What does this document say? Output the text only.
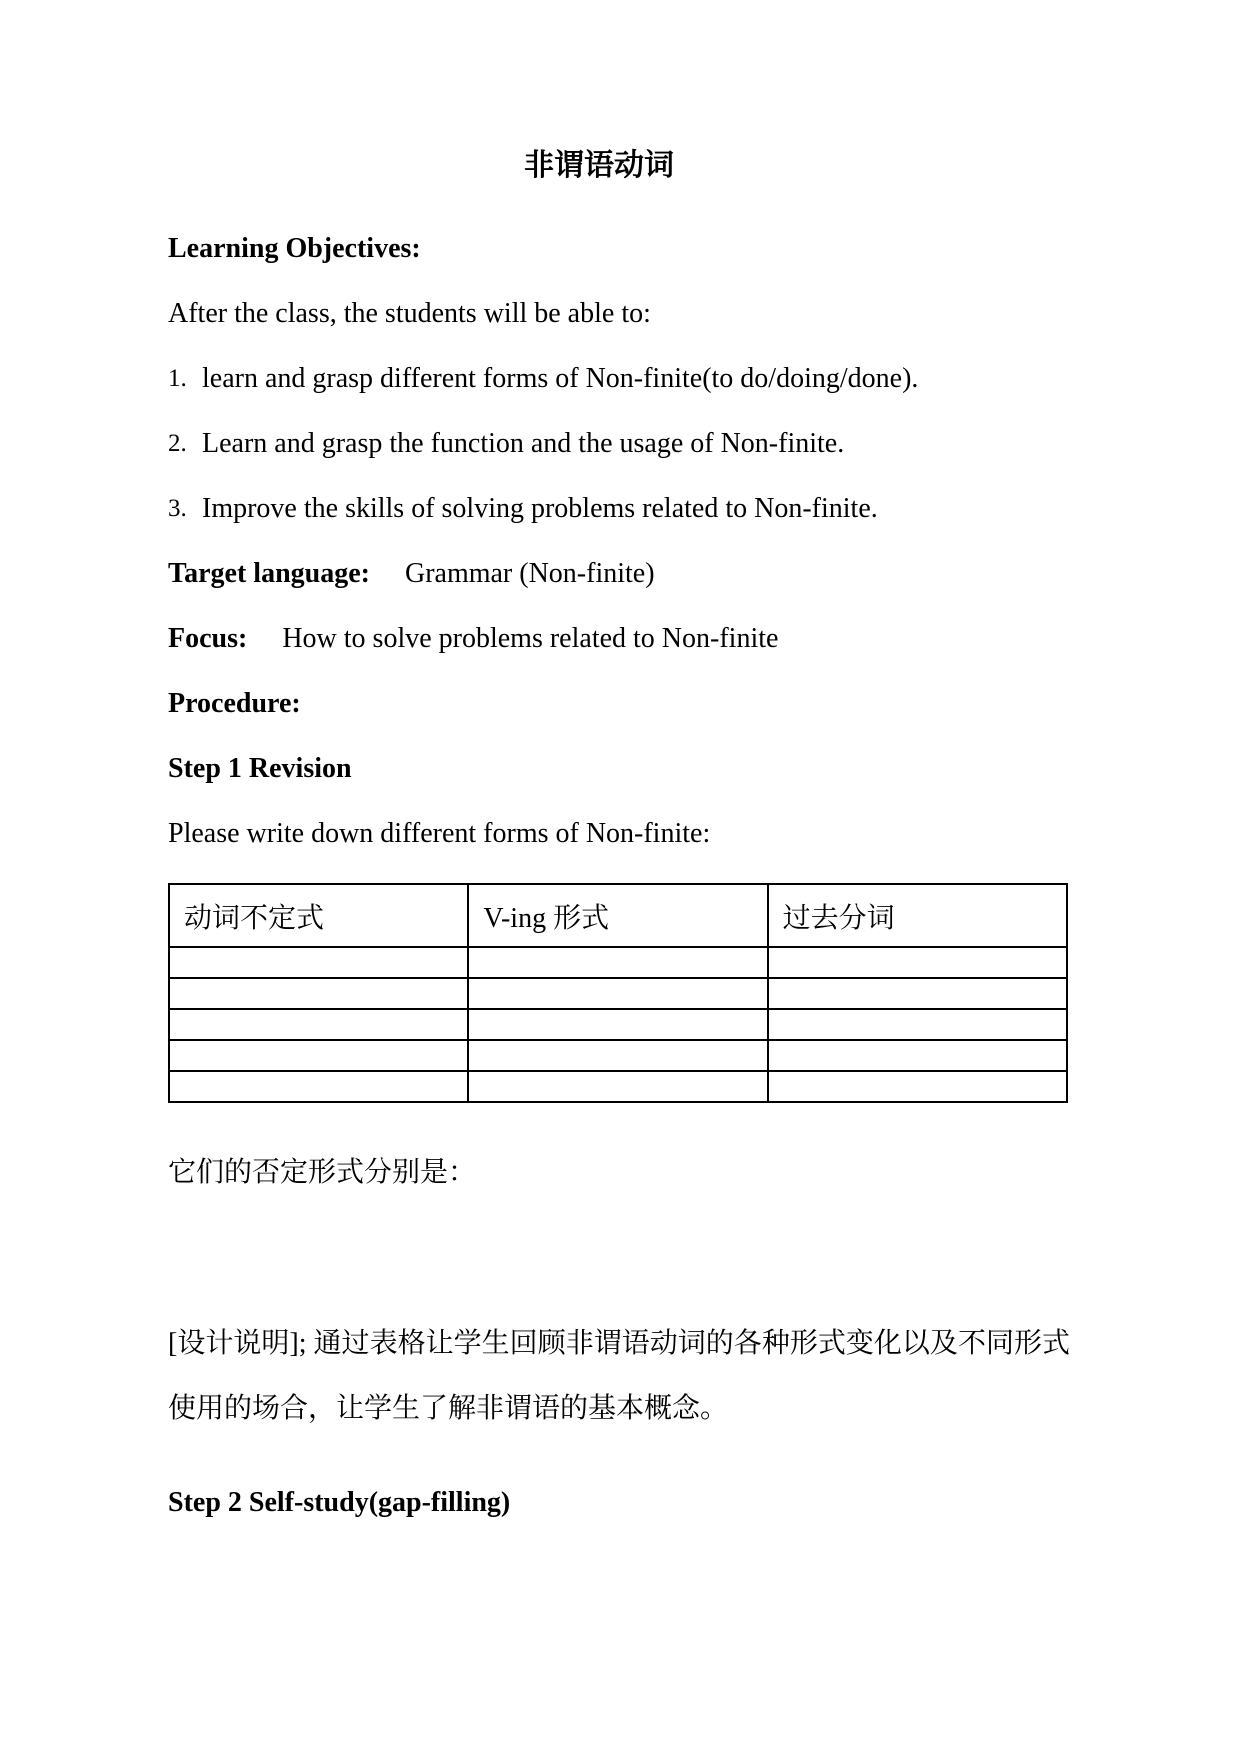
非谓语动词

Learning Objectives:

After the class, the students will be able to:

1. learn and grasp different forms of Non-finite(to do/doing/done).
2. Learn and grasp the function and the usage of Non-finite.
3. Improve the skills of solving problems related to Non-finite.

Target language: Grammar (Non-finite)

Focus: How to solve problems related to Non-finite

Procedure:

Step 1 Revision

Please write down different forms of Non-finite:

动词不定式	V-ing 形式	过去分词

它们的否定形式分别是：

[设计说明]; 通过表格让学生回顾非谓语动词的各种形式变化以及不同形式使用的场合，让学生了解非谓语的基本概念。

Step 2 Self-study(gap-filling)
